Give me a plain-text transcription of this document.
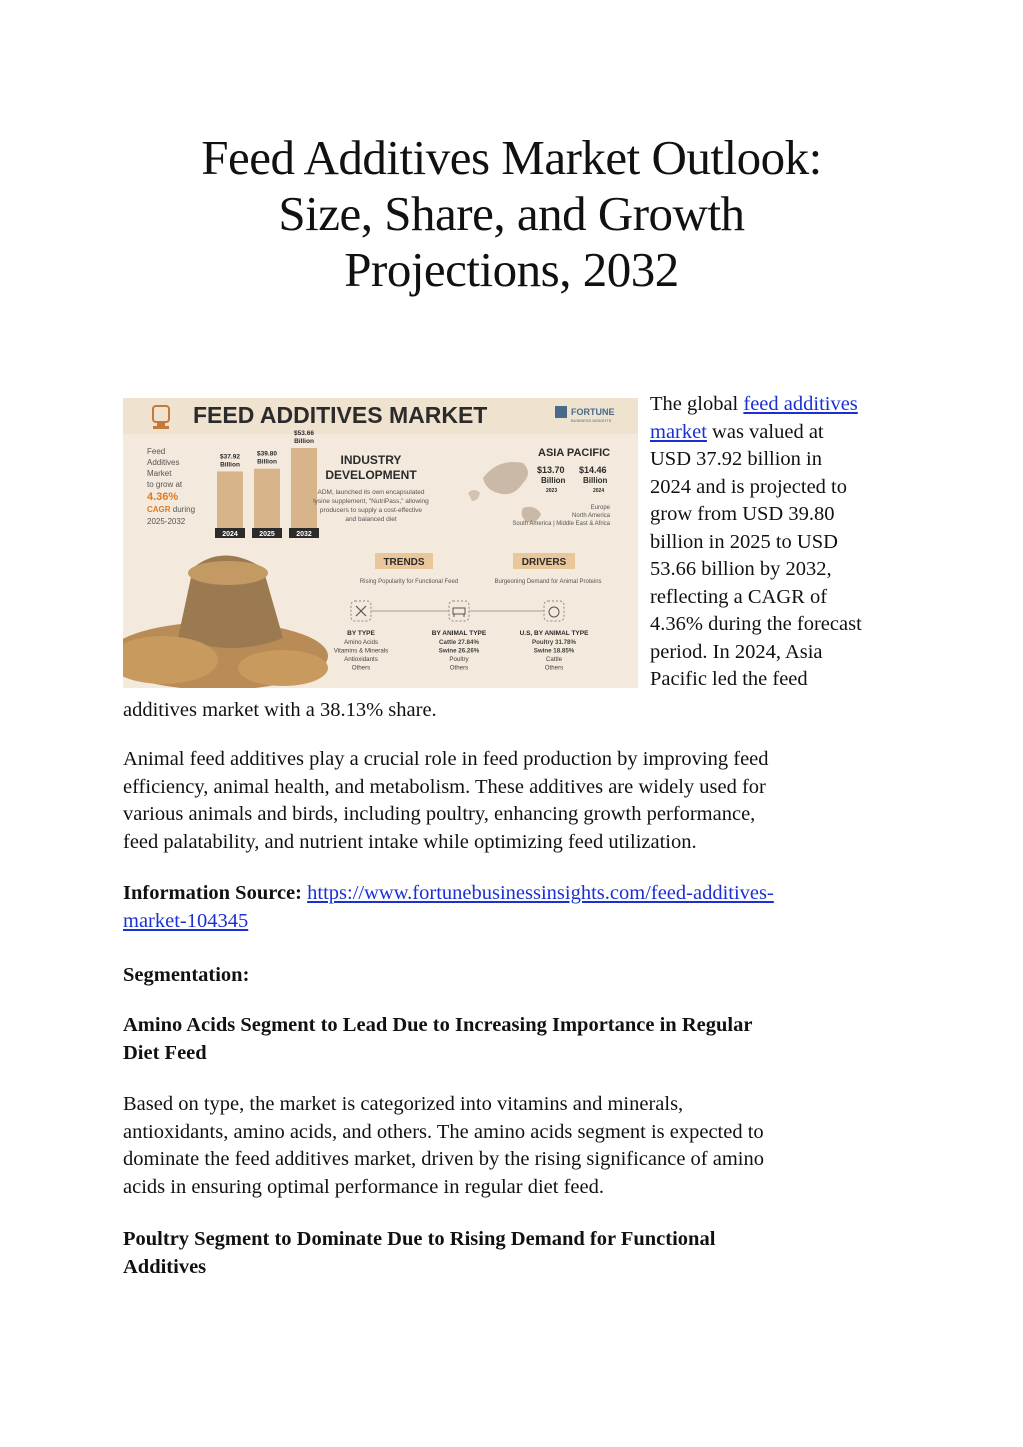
Feed Additives Market Outlook:
Size, Share, and Growth
Projections, 2032
FEED ADDITIVES MARKET	FORTUNE
BUSINESS INSIGHTS
Feed
Additives
Market
to grow at
4.36%
CAGR during
2025-2032
2024
$37.92
Billion
2025
$39.80
Billion
2032
$53.66
Billion
INDUSTRY
DEVELOPMENT
ADM, launched its own encapsulated
lysine supplement, "NutriPass," allowing
producers to supply a cost-effective
and balanced diet
ASIA PACIFIC
$13.70
Billion
2023
$14.46
Billion
2024
Europe
North America
South America | Middle East & Africa
TRENDS
Rising Popularity for Functional Feed
DRIVERS
Burgeoning Demand for Animal Proteins
BY TYPE
Amino Acids
Vitamins & Minerals
Antioxidants
Others
BY ANIMAL TYPE
Cattle 27.84%
Swine 26.26%
Poultry
Others
U.S, BY ANIMAL TYPE
Poultry 31.78%
Swine 18.85%
Cattle
Others
The global feed additives
market was valued at
USD 37.92 billion in
2024 and is projected to
grow from USD 39.80
billion in 2025 to USD
53.66 billion by 2032,
reflecting a CAGR of
4.36% during the forecast
period. In 2024, Asia
Pacific led the feed
additives market with a 38.13% share.

Animal feed additives play a crucial role in feed production by improving feed
efficiency, animal health, and metabolism. These additives are widely used for
various animals and birds, including poultry, enhancing growth performance,
feed palatability, and nutrient intake while optimizing feed utilization.

Information Source: https://www.fortunebusinessinsights.com/feed-additives-
market-104345

Segmentation:

Amino Acids Segment to Lead Due to Increasing Importance in Regular
Diet Feed

Based on type, the market is categorized into vitamins and minerals,
antioxidants, amino acids, and others. The amino acids segment is expected to
dominate the feed additives market, driven by the rising significance of amino
acids in ensuring optimal performance in regular diet feed.

Poultry Segment to Dominate Due to Rising Demand for Functional
Additives
